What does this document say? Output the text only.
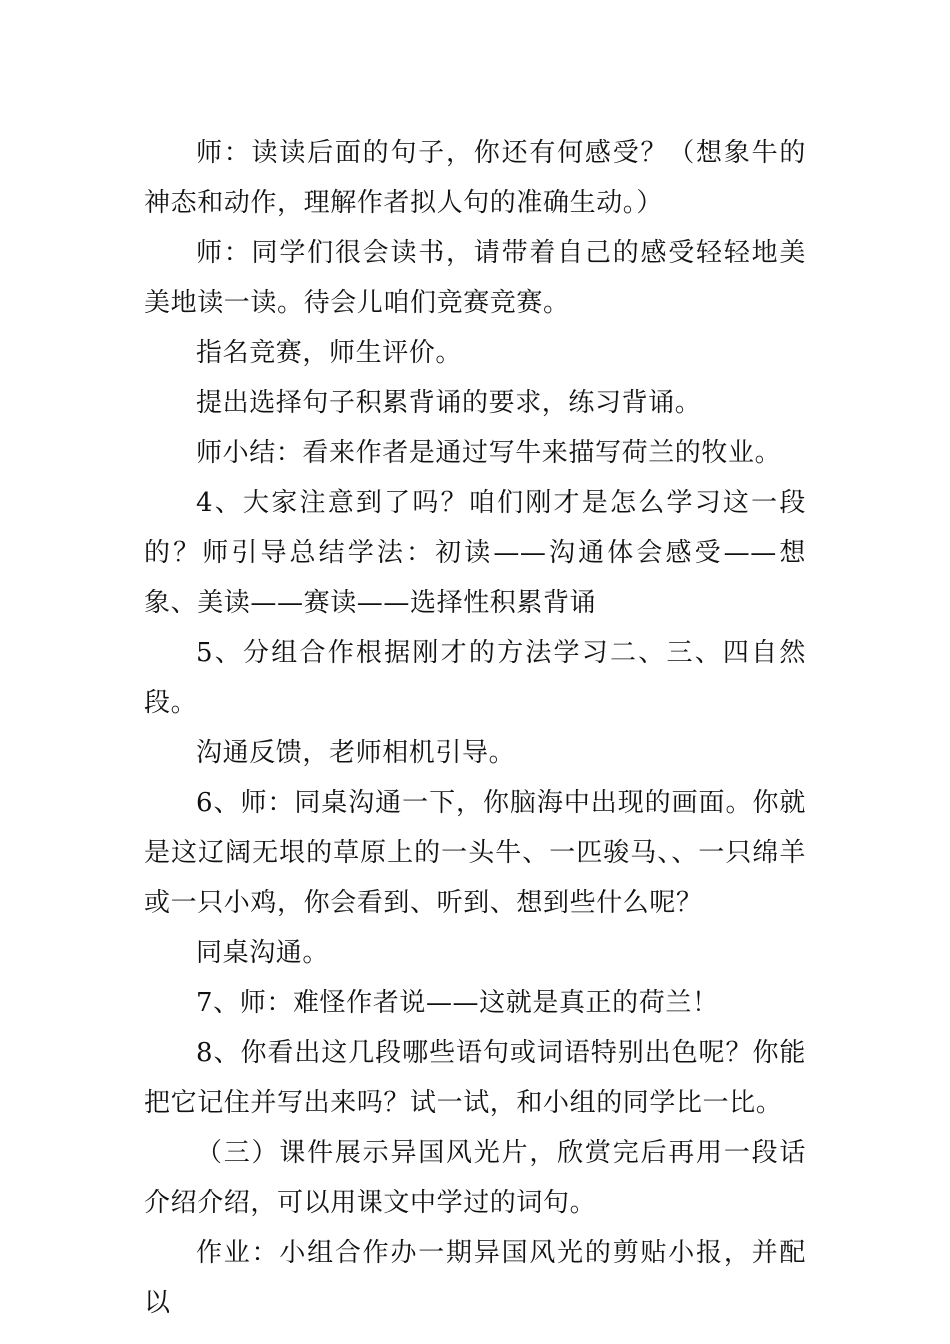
师：读读后面的句子，你还有何感受？（想象牛的神态和动作，理解作者拟人句的准确生动。）

师：同学们很会读书，请带着自己的感受轻轻地美美地读一读。待会儿咱们竞赛竞赛。

指名竞赛，师生评价。

提出选择句子积累背诵的要求，练习背诵。

师小结：看来作者是通过写牛来描写荷兰的牧业。

4、大家注意到了吗？咱们刚才是怎么学习这一段的？师引导总结学法：初读——沟通体会感受——想象、美读——赛读——选择性积累背诵

5、分组合作根据刚才的方法学习二、三、四自然段。

沟通反馈，老师相机引导。

6、师：同桌沟通一下，你脑海中出现的画面。你就是这辽阔无垠的草原上的一头牛、一匹骏马、、一只绵羊或一只小鸡，你会看到、听到、想到些什么呢？

同桌沟通。

7、师：难怪作者说——这就是真正的荷兰！

8、你看出这几段哪些语句或词语特别出色呢？你能把它记住并写出来吗？试一试，和小组的同学比一比。

（三）课件展示异国风光片，欣赏完后再用一段话介绍介绍，可以用课文中学过的词句。

作业：小组合作办一期异国风光的剪贴小报，并配以
